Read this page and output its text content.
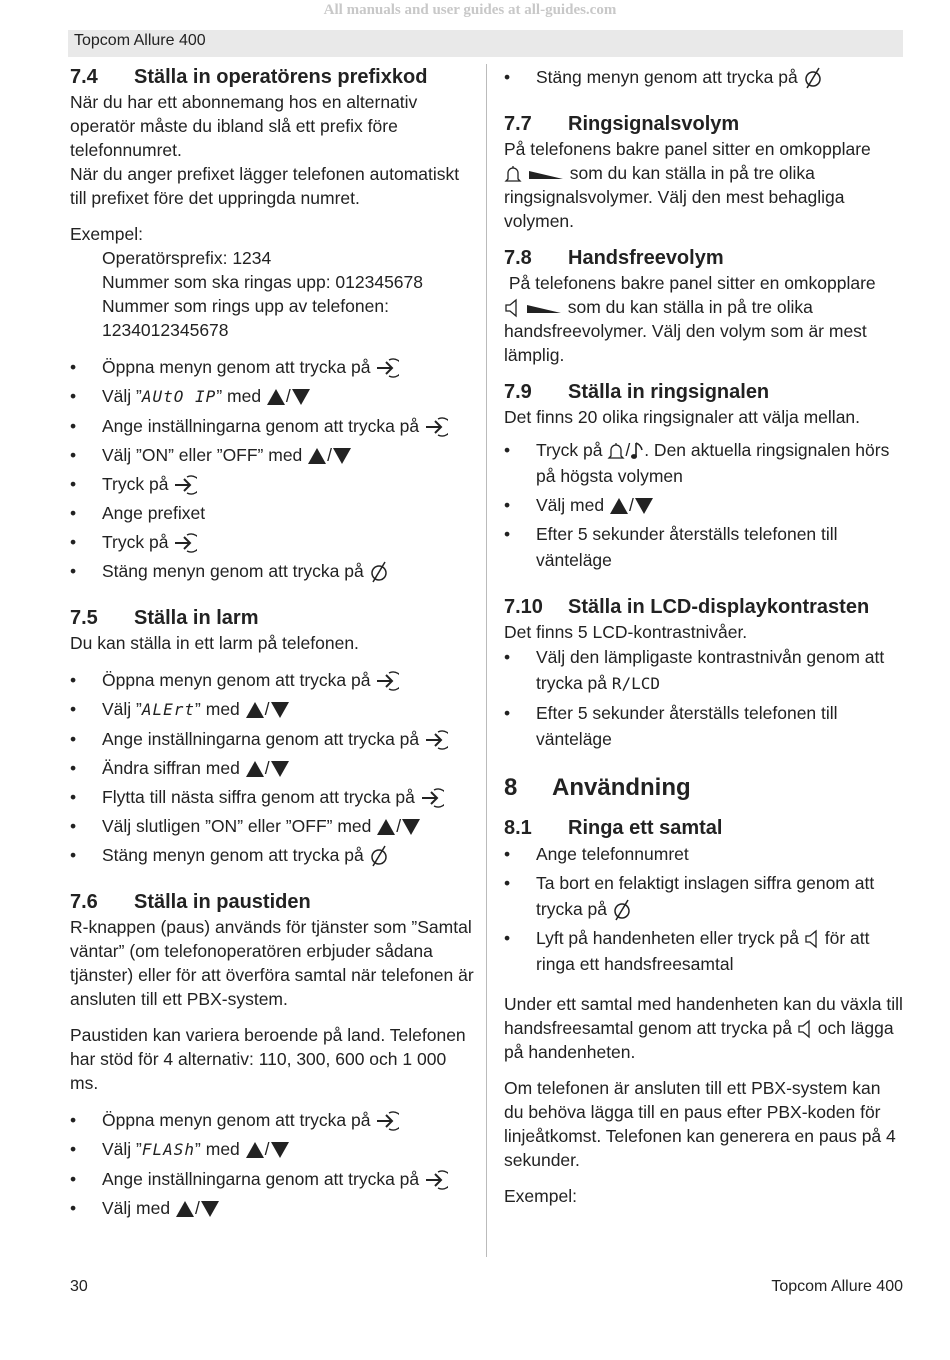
All manuals and user guides at all-guides.com
Topcom Allure 400
7.4 Ställa in operatörens prefixkod

När du har ett abonnemang hos en alternativ operatör måste du ibland slå ett prefix före telefonnumret.

När du anger prefixet lägger telefonen automatiskt till prefixet före det uppringda numret.

Exempel:

Operatörsprefix: 1234

Nummer som ska ringas upp: 012345678

Nummer som rings upp av telefonen: 1234012345678

• Öppna menyn genom att trycka på
• Välj ”AUtO IP” med /
• Ange inställningarna genom att trycka på
• Välj ”ON” eller ”OFF” med /
• Tryck på
• Ange prefixet
• Tryck på
• Stäng menyn genom att trycka på
7.5 Ställa in larm

Du kan ställa in ett larm på telefonen.

• Öppna menyn genom att trycka på
• Välj ”ALErt” med /
• Ange inställningarna genom att trycka på
• Ändra siffran med /
• Flytta till nästa siffra genom att trycka på
• Välj slutligen ”ON” eller ”OFF” med /
• Stäng menyn genom att trycka på
7.6 Ställa in paustiden

R-knappen (paus) används för tjänster som ”Samtal väntar” (om telefonoperatören erbjuder sådana tjänster) eller för att överföra samtal när telefonen är ansluten till ett PBX-system.

Paustiden kan variera beroende på land. Telefonen har stöd för 4 alternativ: 110, 300, 600 och 1 000 ms.

• Öppna menyn genom att trycka på
• Välj ”FLASh” med /
• Ange inställningarna genom att trycka på
• Välj med /
• Stäng menyn genom att trycka på
7.7 Ringsignalsvolym

På telefonens bakre panel sitter en omkopplare
som du kan ställa in på tre olika ringsignalsvolymer. Välj den mest behagliga volymen.

7.8 Handsfreevolym

På telefonens bakre panel sitter en omkopplare
som du kan ställa in på tre olika handsfreevolymer. Välj den volym som är mest lämplig.

7.9 Ställa in ringsignalen

Det finns 20 olika ringsignaler att välja mellan.

• Tryck på / . Den aktuella ringsignalen hörs på högsta volymen
• Välj med /
• Efter 5 sekunder återställs telefonen till vänteläge
7.10 Ställa in LCD-displaykontrasten

Det finns 5 LCD-kontrastnivåer.

• Välj den lämpligaste kontrastnivån genom att trycka på R/LCD
• Efter 5 sekunder återställs telefonen till vänteläge
8 Användning
8.1 Ringa ett samtal
• Ange telefonnumret
• Ta bort en felaktigt inslagen siffra genom att trycka på
• Lyft på handenheten eller tryck på för att ringa ett handsfreesamtal

Under ett samtal med handenheten kan du växla till handsfreesamtal genom att trycka på och lägga på handenheten.

Om telefonen är ansluten till ett PBX-system kan du behöva lägga till en paus efter PBX-koden för linjeåtkomst. Telefonen kan generera en paus på 4 sekunder.

Exempel:

30	Topcom Allure 400
